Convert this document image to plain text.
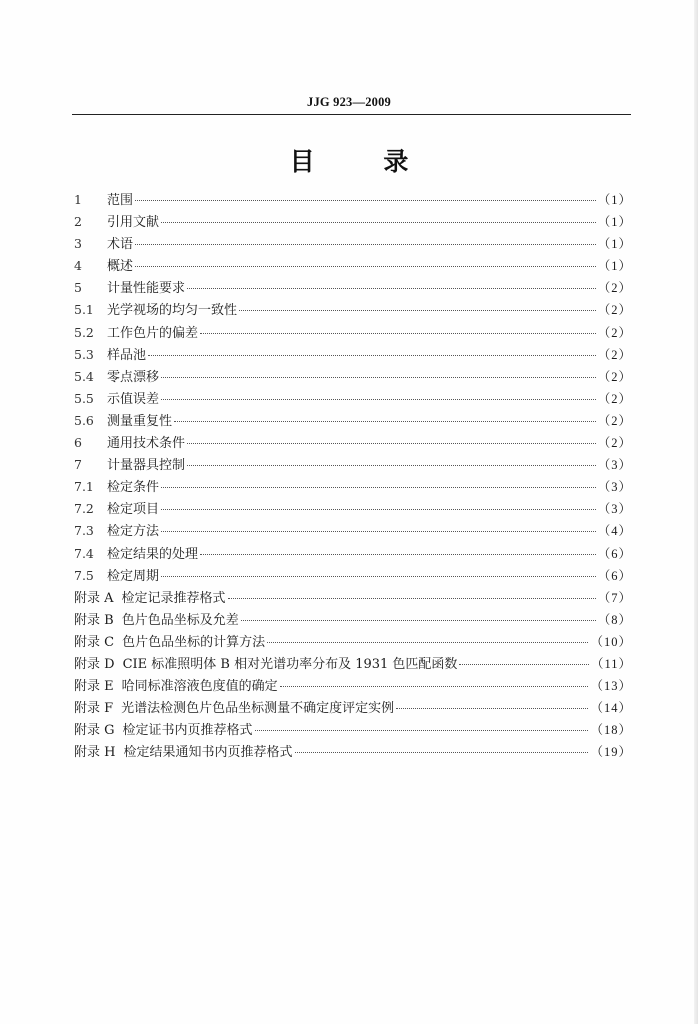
JJG 923—2009
目 录
1	范围	（1）
2	引用文献	（1）
3	术语	（1）
4	概述	（1）
5	计量性能要求	（2）
5.1	光学视场的均匀一致性	（2）
5.2	工作色片的偏差	（2）
5.3	样品池	（2）
5.4	零点漂移	（2）
5.5	示值误差	（2）
5.6	测量重复性	（2）
6	通用技术条件	（2）
7	计量器具控制	（3）
7.1	检定条件	（3）
7.2	检定项目	（3）
7.3	检定方法	（4）
7.4	检定结果的处理	（6）
7.5	检定周期	（6）
附录 A 检定记录推荐格式	（7）
附录 B 色片色品坐标及允差	（8）
附录 C 色片色品坐标的计算方法	（10）
附录 D CIE 标准照明体 B 相对光谱功率分布及 1931 色匹配函数	（11）
附录 E 哈同标准溶液色度值的确定	（13）
附录 F 光谱法检测色片色品坐标测量不确定度评定实例	（14）
附录 G 检定证书内页推荐格式	（18）
附录 H 检定结果通知书内页推荐格式	（19）
